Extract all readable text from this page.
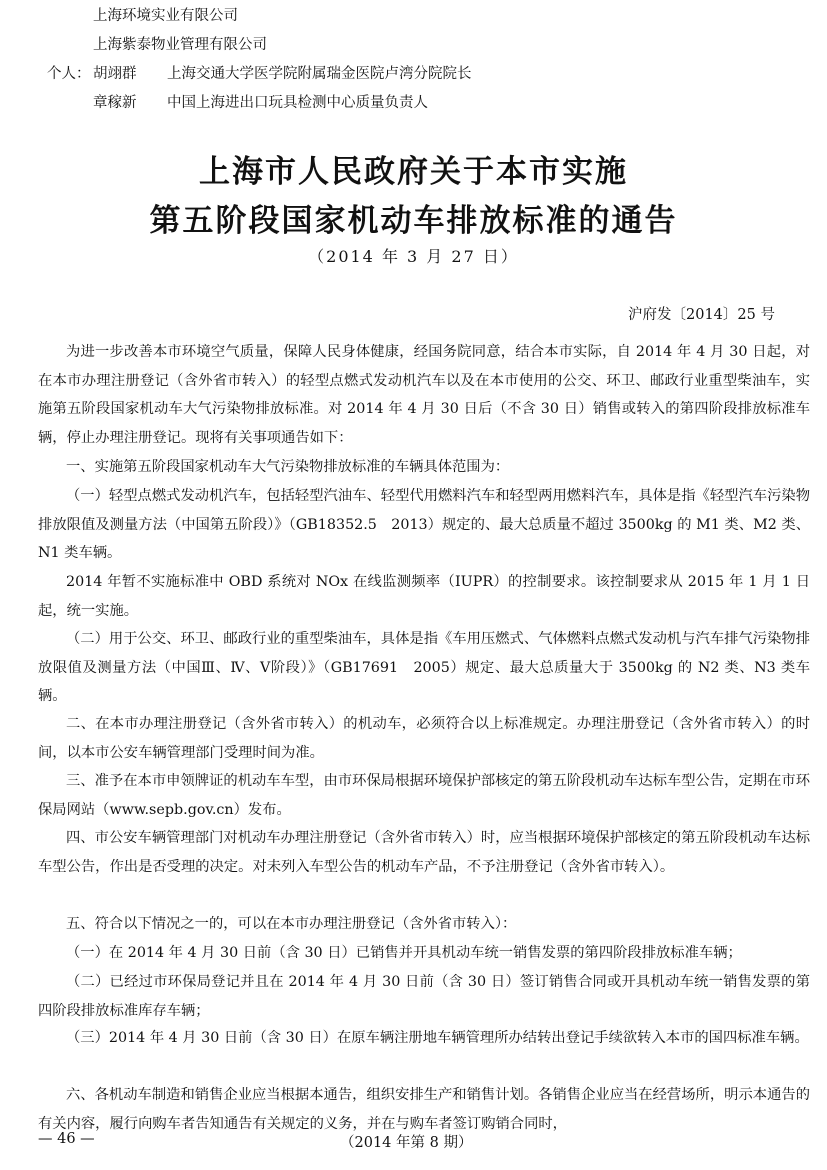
上海环境实业有限公司
上海紫泰物业管理有限公司
个人： 胡翊群 上海交通大学医学院附属瑞金医院卢湾分院院长
章稼新 中国上海进出口玩具检测中心质量负责人
上海市人民政府关于本市实施
第五阶段国家机动车排放标准的通告
（2014 年 3 月 27 日）
沪府发〔2014〕25 号

为进一步改善本市环境空气质量，保障人民身体健康，经国务院同意，结合本市实际，自 2014 年 4 月 30 日起，对在本市办理注册登记（含外省市转入）的轻型点燃式发动机汽车以及在本市使用的公交、环卫、邮政行业重型柴油车，实施第五阶段国家机动车大气污染物排放标准。对 2014 年 4 月 30 日后（不含 30 日）销售或转入的第四阶段排放标准车辆，停止办理注册登记。现将有关事项通告如下：

一、实施第五阶段国家机动车大气污染物排放标准的车辆具体范围为：

（一）轻型点燃式发动机汽车，包括轻型汽油车、轻型代用燃料汽车和轻型两用燃料汽车，具体是指《轻型汽车污染物排放限值及测量方法（中国第五阶段）》（GB18352.5　2013）规定的、最大总质量不超过 3500kg 的 M1 类、M2 类、N1 类车辆。

2014 年暂不实施标准中 OBD 系统对 NOx 在线监测频率（IUPR）的控制要求。该控制要求从 2015 年 1 月 1 日起，统一实施。

（二）用于公交、环卫、邮政行业的重型柴油车，具体是指《车用压燃式、气体燃料点燃式发动机与汽车排气污染物排放限值及测量方法（中国Ⅲ、Ⅳ、Ⅴ阶段）》（GB17691　2005）规定、最大总质量大于 3500kg 的 N2 类、N3 类车辆。

二、在本市办理注册登记（含外省市转入）的机动车，必须符合以上标准规定。办理注册登记（含外省市转入）的时间，以本市公安车辆管理部门受理时间为准。

三、准予在本市申领牌证的机动车车型，由市环保局根据环境保护部核定的第五阶段机动车达标车型公告，定期在市环保局网站（www.sepb.gov.cn）发布。

四、市公安车辆管理部门对机动车办理注册登记（含外省市转入）时，应当根据环境保护部核定的第五阶段机动车达标车型公告，作出是否受理的决定。对未列入车型公告的机动车产品，不予注册登记（含外省市转入）。

五、符合以下情况之一的，可以在本市办理注册登记（含外省市转入）：

（一）在 2014 年 4 月 30 日前（含 30 日）已销售并开具机动车统一销售发票的第四阶段排放标准车辆；

（二）已经过市环保局登记并且在 2014 年 4 月 30 日前（含 30 日）签订销售合同或开具机动车统一销售发票的第四阶段排放标准库存车辆；

（三）2014 年 4 月 30 日前（含 30 日）在原车辆注册地车辆管理所办结转出登记手续欲转入本市的国四标准车辆。

六、各机动车制造和销售企业应当根据本通告，组织安排生产和销售计划。各销售企业应当在经营场所，明示本通告的有关内容，履行向购车者告知通告有关规定的义务，并在与购车者签订购销合同时，

— 46 —	（2014 年第 8 期）
